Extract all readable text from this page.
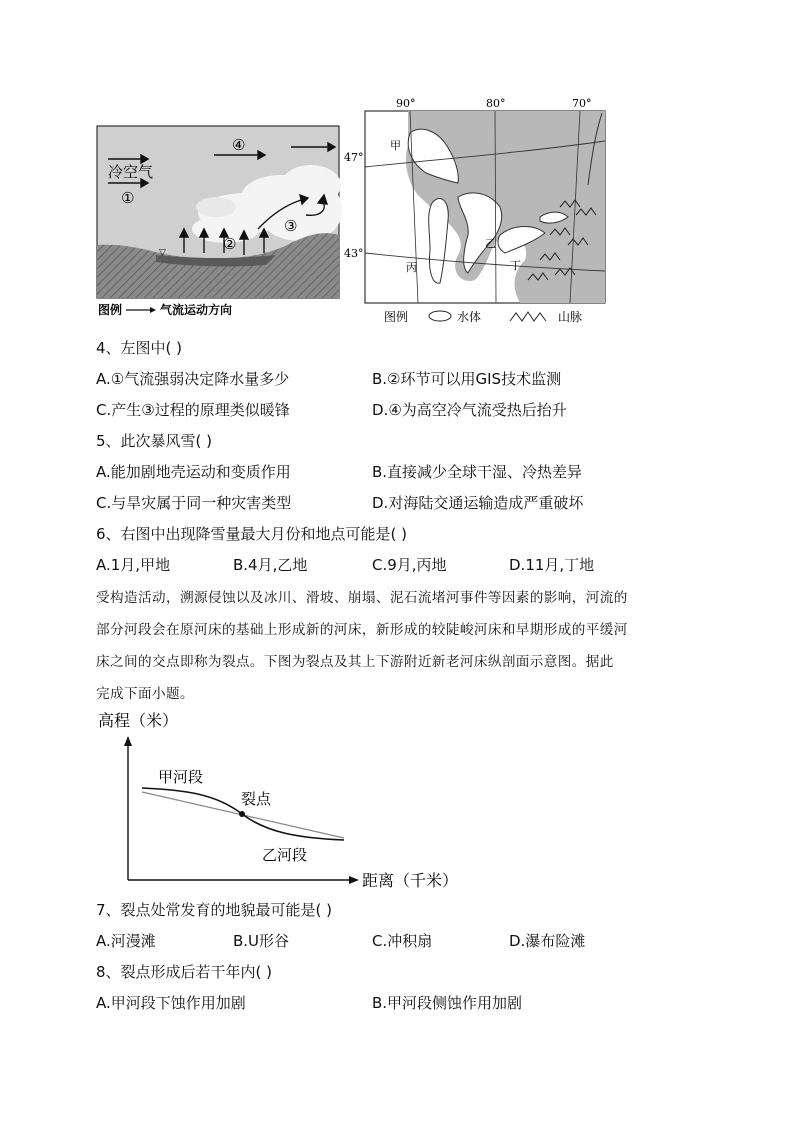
▽
冷空气
①
④
②
③
图例	气流运动方向
90°	80°	70°
47°
43°
甲
乙
丙	丁
图例	水体	山脉
4、左图中( )
A.①气流强弱决定降水量多少	B.②环节可以用GIS技术监测
C.产生③过程的原理类似暖锋	D.④为高空冷气流受热后抬升
5、此次暴风雪( )
A.能加剧地壳运动和变质作用	B.直接减少全球干湿、冷热差异
C.与旱灾属于同一种灾害类型	D.对海陆交通运输造成严重破坏
6、右图中出现降雪量最大月份和地点可能是( )
A.1月,甲地	B.4月,乙地	C.9月,丙地	D.11月,丁地
受构造活动，溯源侵蚀以及冰川、滑坡、崩塌、泥石流堵河事件等因素的影响，河流的
部分河段会在原河床的基础上形成新的河床，新形成的较陡峻河床和早期形成的平缓河
床之间的交点即称为裂点。下图为裂点及其上下游附近新老河床纵剖面示意图。据此
完成下面小题。
高程（米）
甲河段
裂点
乙河段
距离（千米）
7、裂点处常发育的地貌最可能是( )
A.河漫滩	B.U形谷	C.冲积扇	D.瀑布险滩
8、裂点形成后若干年内( )
A.甲河段下蚀作用加剧	B.甲河段侧蚀作用加剧
